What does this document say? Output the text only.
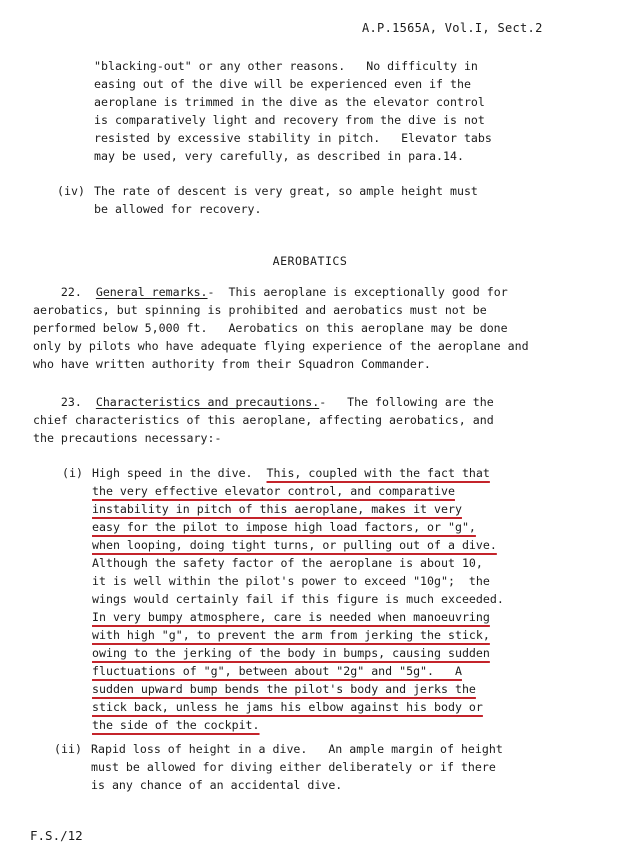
A.P.1565A, Vol.I, Sect.2
"blacking-out" or any other reasons.   No difficulty in
easing out of the dive will be experienced even if the
aeroplane is trimmed in the dive as the elevator control
is comparatively light and recovery from the dive is not
resisted by excessive stability in pitch.   Elevator tabs
may be used, very carefully, as described in para.14.
(iv) The rate of descent is very great, so ample height must
be allowed for recovery.
AEROBATICS
22. General remarks.-  This aeroplane is exceptionally good for
aerobatics, but spinning is prohibited and aerobatics must not be
performed below 5,000 ft.   Aerobatics on this aeroplane may be done
only by pilots who have adequate flying experience of the aeroplane and
who have written authority from their Squadron Commander.
23. Characteristics and precautions.-   The following are the
chief characteristics of this aeroplane, affecting aerobatics, and
the precautions necessary:-
(i) High speed in the dive.  This, coupled with the fact that
the very effective elevator control, and comparative
instability in pitch of this aeroplane, makes it very
easy for the pilot to impose high load factors, or "g",
when looping, doing tight turns, or pulling out of a dive.
Although the safety factor of the aeroplane is about 10,
it is well within the pilot's power to exceed "10g";  the
wings would certainly fail if this figure is much exceeded.
In very bumpy atmosphere, care is needed when manoeuvring
with high "g", to prevent the arm from jerking the stick,
owing to the jerking of the body in bumps, causing sudden
fluctuations of "g", between about "2g" and "5g".   A
sudden upward bump bends the pilot's body and jerks the
stick back, unless he jams his elbow against his body or
the side of the cockpit.
(ii) Rapid loss of height in a dive.   An ample margin of height
must be allowed for diving either deliberately or if there
is any chance of an accidental dive.
F.S./12
